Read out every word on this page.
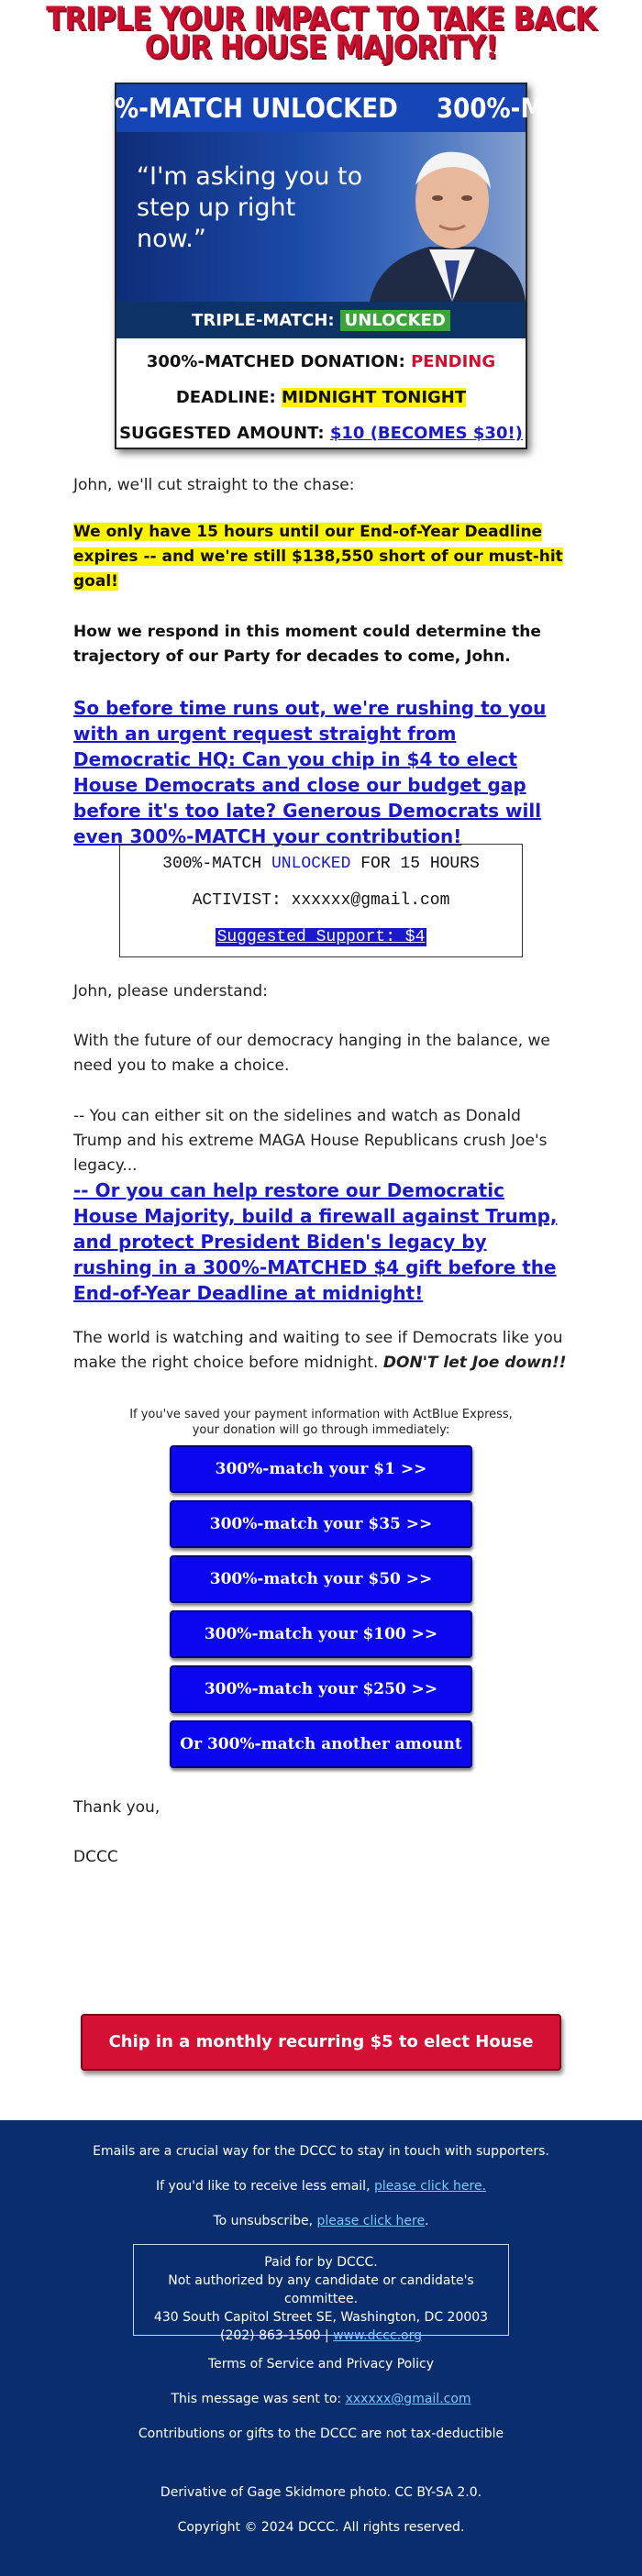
TRIPLE YOUR IMPACT TO TAKE BACK
OUR HOUSE MAJORITY!
%-MATCH UNLOCKED 300%-M
“I'm asking you to step up right now.”
TRIPLE-MATCH: UNLOCKED
300%-MATCHED DONATION: PENDING
DEADLINE: MIDNIGHT TONIGHT
SUGGESTED AMOUNT: $10 (BECOMES $30!)

John, we'll cut straight to the chase:

We only have 15 hours until our End-of-Year Deadline expires -- and we're still $138,550 short of our must-hit goal!

How we respond in this moment could determine the trajectory of our Party for decades to come, John.

So before time runs out, we're rushing to you with an urgent request straight from Democratic HQ: Can you chip in $4 to elect House Democrats and close our budget gap before it's too late? Generous Democrats will even 300%-MATCH your contribution!
300%-MATCH UNLOCKED FOR 15 HOURS
ACTIVIST: xxxxxx@gmail.com
Suggested Support: $4

John, please understand:

With the future of our democracy hanging in the balance, we need you to make a choice.

-- You can either sit on the sidelines and watch as Donald Trump and his extreme MAGA House Republicans crush Joe's legacy...

-- Or you can help restore our Democratic House Majority, build a firewall against Trump, and protect President Biden's legacy by rushing in a 300%-MATCHED $4 gift before the End-of-Year Deadline at midnight!

The world is watching and waiting to see if Democrats like you make the right choice before midnight. DON'T let Joe down!!

If you've saved your payment information with ActBlue Express,
your donation will go through immediately:
300%-match your $1 >>
300%-match your $35 >>
300%-match your $50 >>
300%-match your $100 >>
300%-match your $250 >>
Or 300%-match another amount >>

Thank you,

DCCC

Chip in a monthly recurring $5 to elect House Dems >>
Emails are a crucial way for the DCCC to stay in touch with supporters.
If you'd like to receive less email, please click here.
To unsubscribe, please click here.
Paid for by DCCC.
Not authorized by any candidate or candidate's committee.
430 South Capitol Street SE, Washington, DC 20003
(202) 863-1500 | www.dccc.org
Terms of Service and Privacy Policy
This message was sent to: xxxxxx@gmail.com
Contributions or gifts to the DCCC are not tax-deductible
Derivative of Gage Skidmore photo. CC BY-SA 2.0.
Copyright © 2024 DCCC. All rights reserved.
